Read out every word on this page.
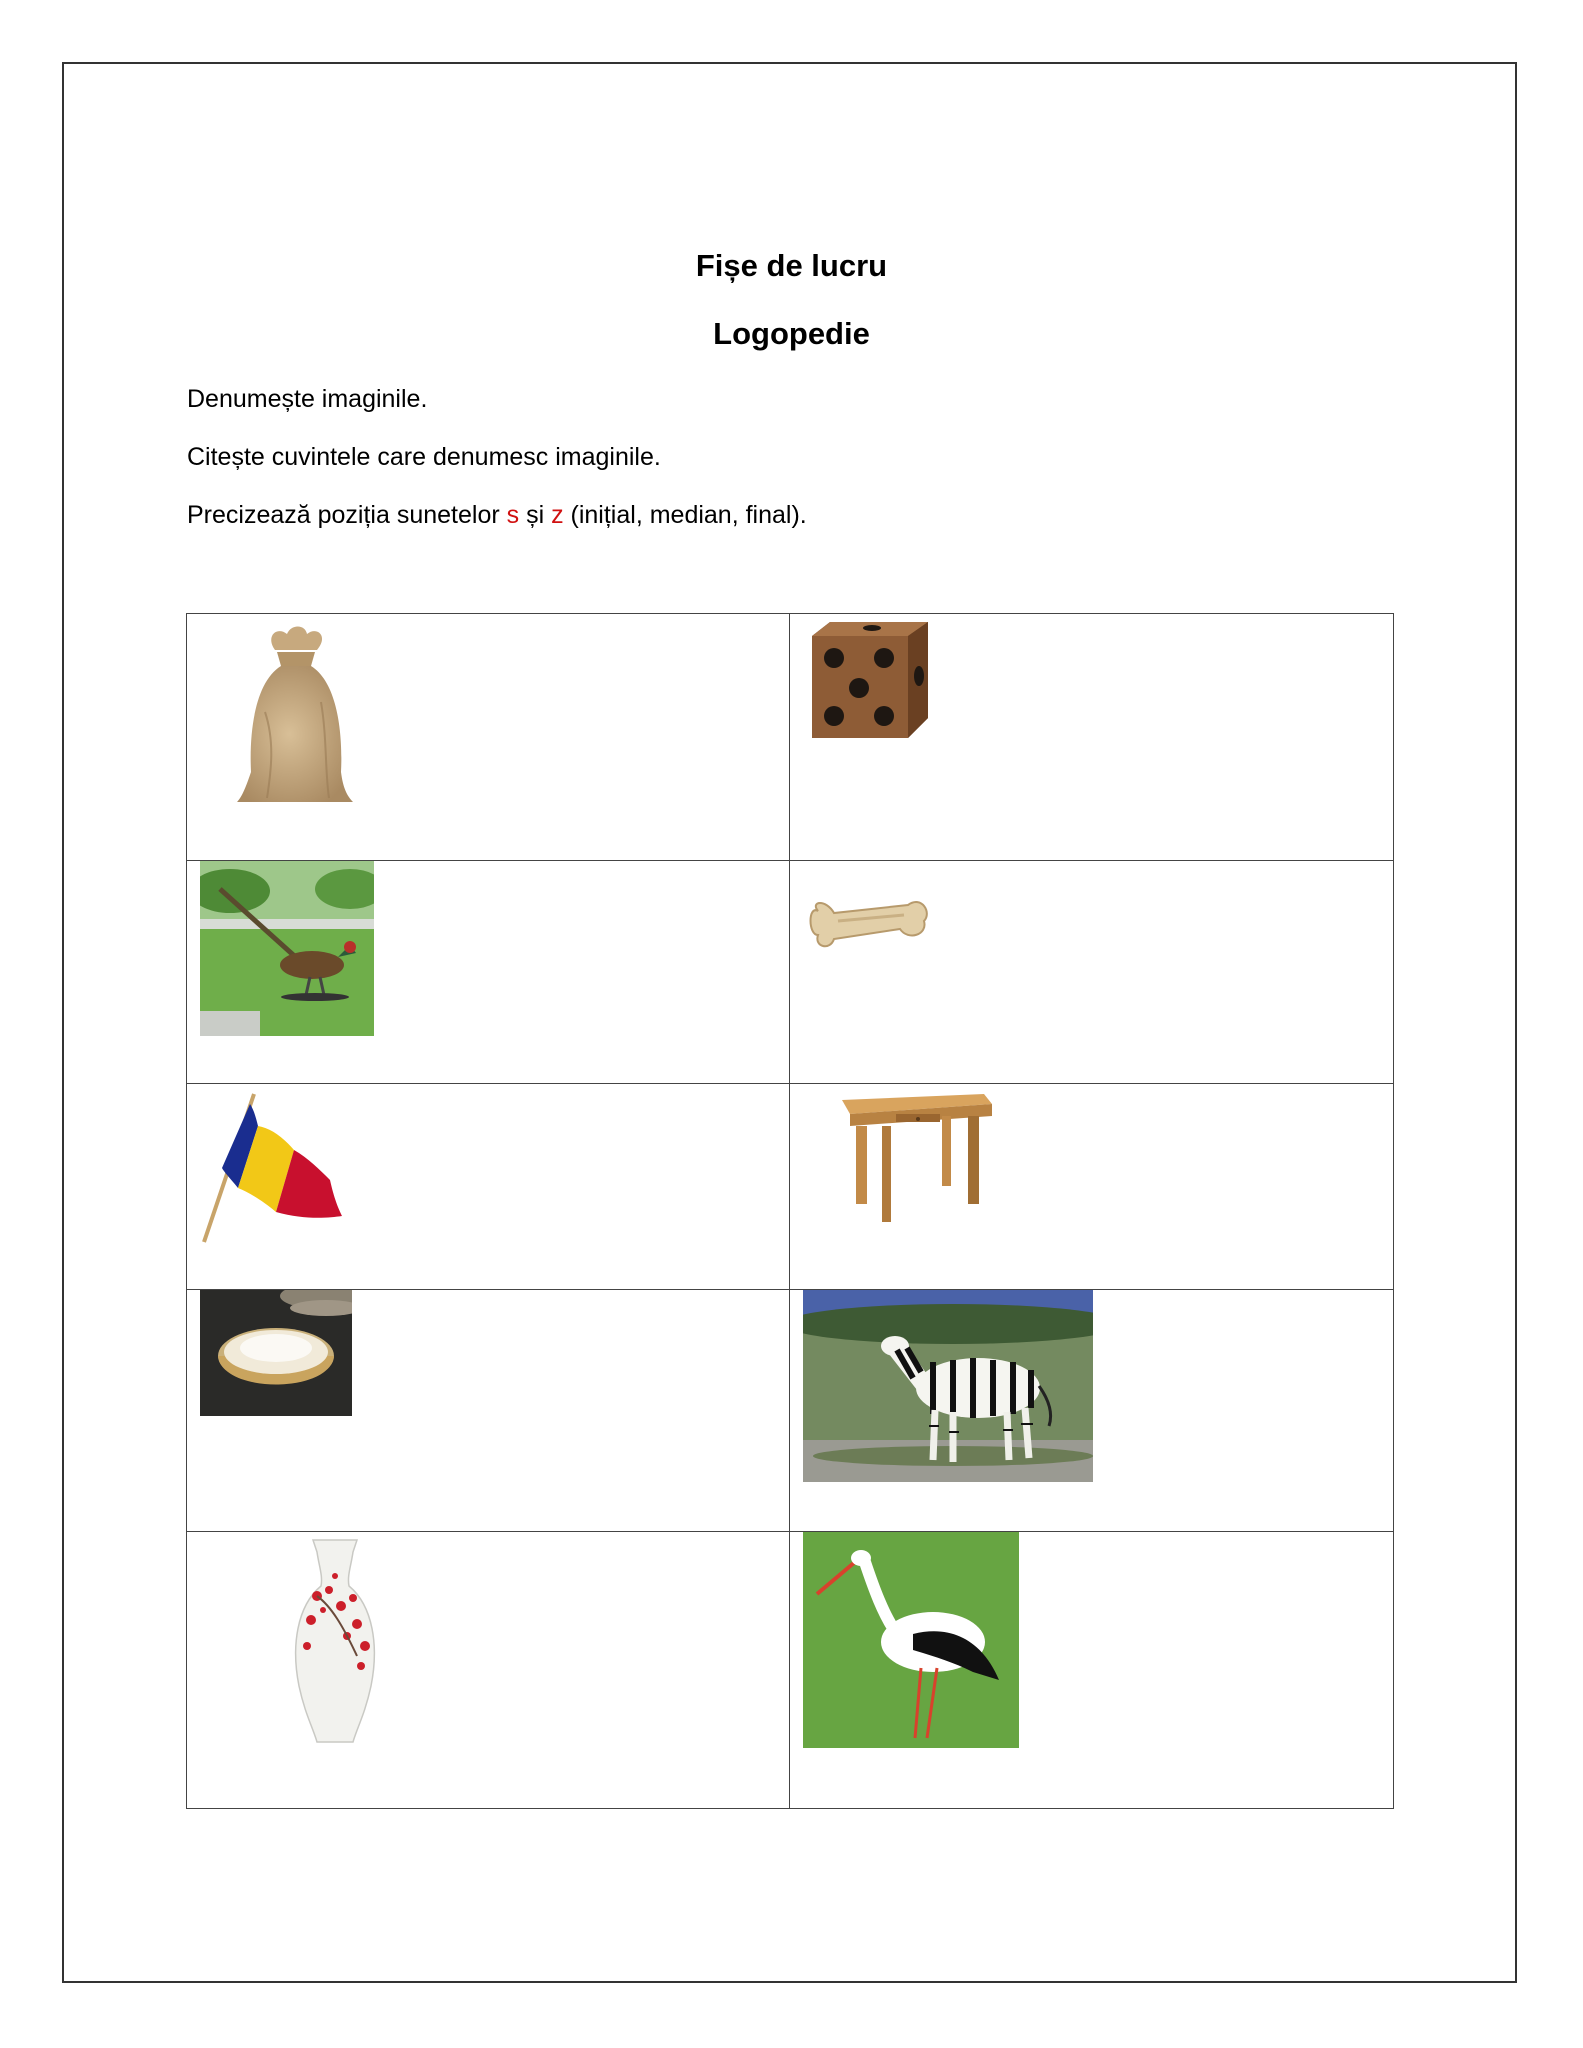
Fișe de lucru
Logopedie
Denumește imaginile.
Citește cuvintele care denumesc imaginile.
Precizează poziția sunetelor s și z (inițial, median, final).
